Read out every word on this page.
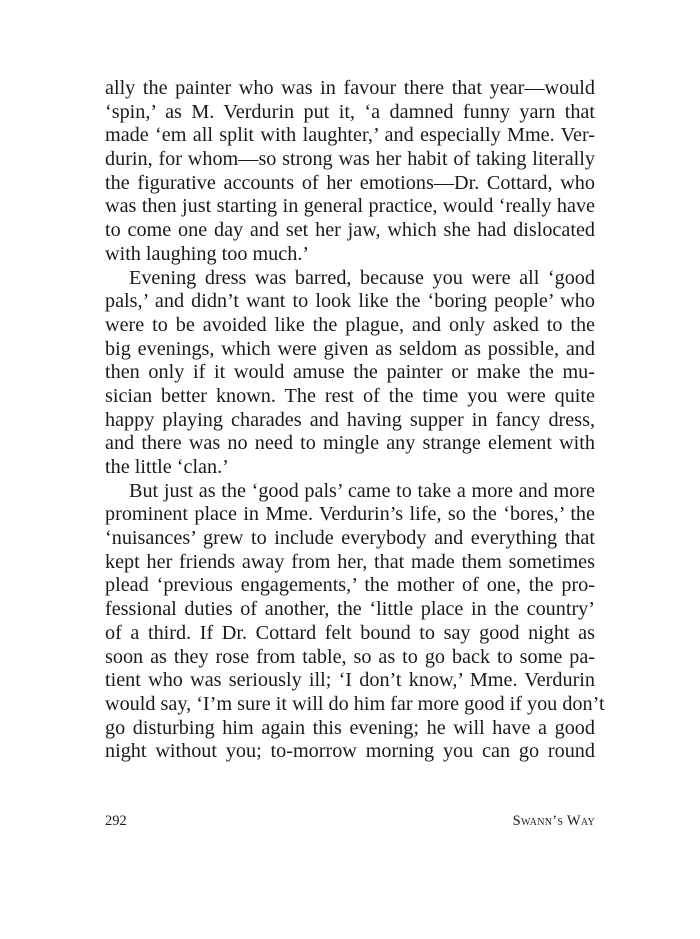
ally the painter who was in favour there that year—would
‘spin,’ as M. Verdurin put it, ‘a damned funny yarn that
made ‘em all split with laughter,’ and especially Mme. Ver-
durin, for whom—so strong was her habit of taking literally
the figurative accounts of her emotions—Dr. Cottard, who
was then just starting in general practice, would ‘really have
to come one day and set her jaw, which she had dislocated
with laughing too much.’
Evening dress was barred, because you were all ‘good
pals,’ and didn’t want to look like the ‘boring people’ who
were to be avoided like the plague, and only asked to the
big evenings, which were given as seldom as possible, and
then only if it would amuse the painter or make the mu-
sician better known. The rest of the time you were quite
happy playing charades and having supper in fancy dress,
and there was no need to mingle any strange element with
the little ‘clan.’
But just as the ‘good pals’ came to take a more and more
prominent place in Mme. Verdurin’s life, so the ‘bores,’ the
‘nuisances’ grew to include everybody and everything that
kept her friends away from her, that made them sometimes
plead ‘previous engagements,’ the mother of one, the pro-
fessional duties of another, the ‘little place in the country’
of a third. If Dr. Cottard felt bound to say good night as
soon as they rose from table, so as to go back to some pa-
tient who was seriously ill; ‘I don’t know,’ Mme. Verdurin
would say, ‘I’m sure it will do him far more good if you don’t
go disturbing him again this evening; he will have a good
night without you; to-morrow morning you can go round
292	Swann’s Way
